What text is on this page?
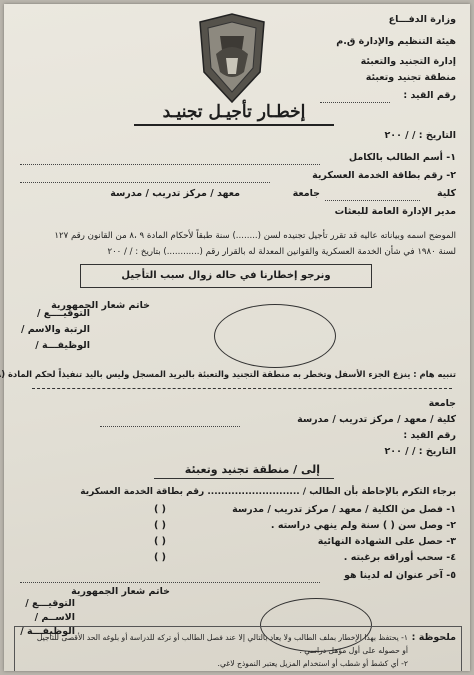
وزارة الدفـــاع
هيئة التنظيم والإدارة ق.م
إدارة التجنيد والتعبئة
منطقة تجنيد وتعبئة
رقم القيد :
إخطـار تأجيـل تجنيـد
التاريخ : / / ٢٠٠
١- أسم الطالب بالكامل
٢- رقم بطاقة الخدمة العسكرية
كلية
جامعة
معهد / مركز تدريب / مدرسة
مدير الإدارة العامة للبعثات
الموضح اسمه وبياناته عاليه قد تقرر تأجيل تجنيده لسن (........) سنة طبقاً لأحكام المادة ٩ ،٨ من القانون رقم ١٢٧
لسنة ١٩٨٠ في شأن الخدمة العسكرية والقوانين المعدلة له بالقرار رقم (............) بتاريخ : / / ٢٠٠
ونرجو إخطارنا في حاله زوال سبب التأجيل
خاتم شعار الجمهورية
التوقيــــع /
الرتبة والاسم /
الوظيفـــة /
تنبيه هام : ينزع الجزء الأسفل وتخطر به منطقة التجنيد والتعبئة بالبريد المسجل وليس باليد تنفيذاً لحكم المادة (
جامعة
كلية / معهد / مركز تدريب / مدرسة
رقم القيد :
التاريخ : / / ٢٠٠
إلى / منطقة تجنيد وتعبئة
برجاء التكرم بالإحاطة بأن الطالب / ........................... رقم بطاقة الخدمة العسكرية
١- فصل من الكلية / معهد / مركز تدريب / مدرسة
٢- وصل سن ( ) سنة ولم ينهي دراسته .
٣- حصل على الشهادة النهائية
٤- سحب أوراقه برغبته .
( )
( )
( )
( )
٥- آخر عنوان له لدينا هو
خاتم شعار الجمهورية
التوقيـــع /
الاســم /
الوظيفـــة /
ملحوظة :
١- يحتفظ بهذا الإخطار بملف الطالب ولا يعاد بالتالي إلا عند فصل الطالب أو تركه للدراسة أو بلوغه الحد الأقصى للتأجيل
أو حصوله على أول مؤهل دراسي .
٢- أي كشط أو شطب أو استخدام المزيل يعتبر النموذج لاغي.
